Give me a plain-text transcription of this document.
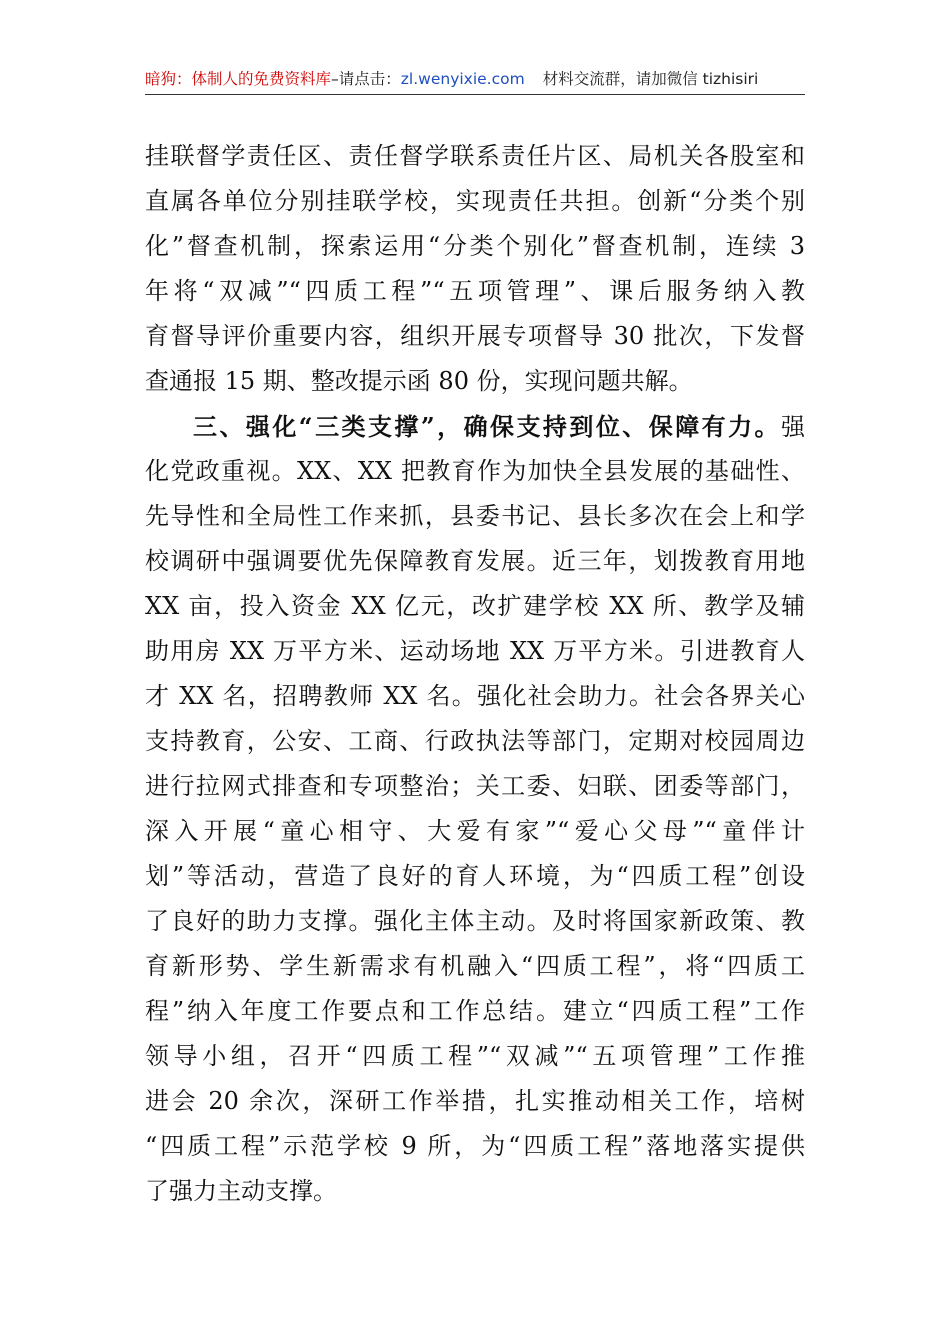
暗狗：体制人的免费资料库 –请点击： zl.wenyixie.com 材料交流群，请加微信 tizhisiri
挂联督学责任区、责任督学联系责任片区、局机关各股室和
直属各单位分别挂联学校，实现责任共担。创新“分类个别
化”督查机制，探索运用“分类个别化”督查机制，连续 3
年将“双减”“四质工程”“五项管理”、课后服务纳入教
育督导评价重要内容，组织开展专项督导 30 批次，下发督
查通报 15 期、整改提示函 80 份，实现问题共解。
三、强化“三类支撑”，确保支持到位、保障有力。强
化党政重视。XX、XX 把教育作为加快全县发展的基础性、
先导性和全局性工作来抓，县委书记、县长多次在会上和学
校调研中强调要优先保障教育发展。近三年，划拨教育用地
XX 亩，投入资金 XX 亿元，改扩建学校 XX 所、教学及辅
助用房 XX 万平方米、运动场地 XX 万平方米。引进教育人
才 XX 名，招聘教师 XX 名。强化社会助力。社会各界关心
支持教育，公安、工商、行政执法等部门，定期对校园周边
进行拉网式排查和专项整治；关工委、妇联、团委等部门，
深入开展“童心相守、大爱有家”“爱心父母”“童伴计
划”等活动，营造了良好的育人环境，为“四质工程”创设
了良好的助力支撑。强化主体主动。及时将国家新政策、教
育新形势、学生新需求有机融入“四质工程”，将“四质工
程”纳入年度工作要点和工作总结。建立“四质工程”工作
领导小组，召开“四质工程”“双减”“五项管理”工作推
进会 20 余次，深研工作举措，扎实推动相关工作，培树
“四质工程”示范学校 9 所，为“四质工程”落地落实提供
了强力主动支撑。
